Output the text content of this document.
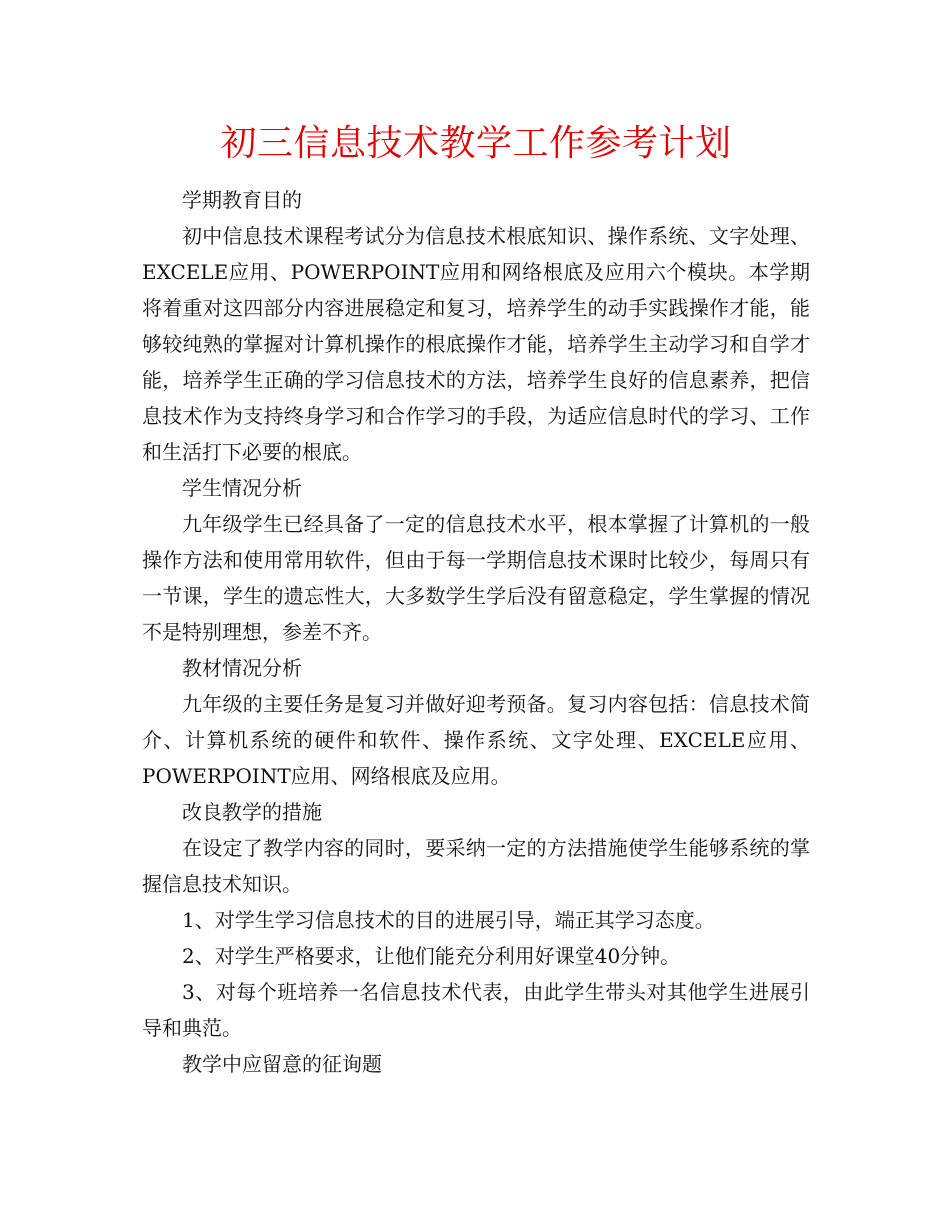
初三信息技术教学工作参考计划

学期教育目的

初中信息技术课程考试分为信息技术根底知识、操作系统、文字处理、EXCELE应用、POWERPOINT应用和网络根底及应用六个模块。本学期将着重对这四部分内容进展稳定和复习，培养学生的动手实践操作才能，能够较纯熟的掌握对计算机操作的根底操作才能，培养学生主动学习和自学才能，培养学生正确的学习信息技术的方法，培养学生良好的信息素养，把信息技术作为支持终身学习和合作学习的手段，为适应信息时代的学习、工作和生活打下必要的根底。

学生情况分析

九年级学生已经具备了一定的信息技术水平，根本掌握了计算机的一般操作方法和使用常用软件，但由于每一学期信息技术课时比较少，每周只有一节课，学生的遗忘性大，大多数学生学后没有留意稳定，学生掌握的情况不是特别理想，参差不齐。

教材情况分析

九年级的主要任务是复习并做好迎考预备。复习内容包括：信息技术简介、计算机系统的硬件和软件、操作系统、文字处理、EXCELE应用、POWERPOINT应用、网络根底及应用。

改良教学的措施

在设定了教学内容的同时，要采纳一定的方法措施使学生能够系统的掌握信息技术知识。

1、对学生学习信息技术的目的进展引导，端正其学习态度。

2、对学生严格要求，让他们能充分利用好课堂40分钟。

3、对每个班培养一名信息技术代表，由此学生带头对其他学生进展引导和典范。

教学中应留意的征询题
